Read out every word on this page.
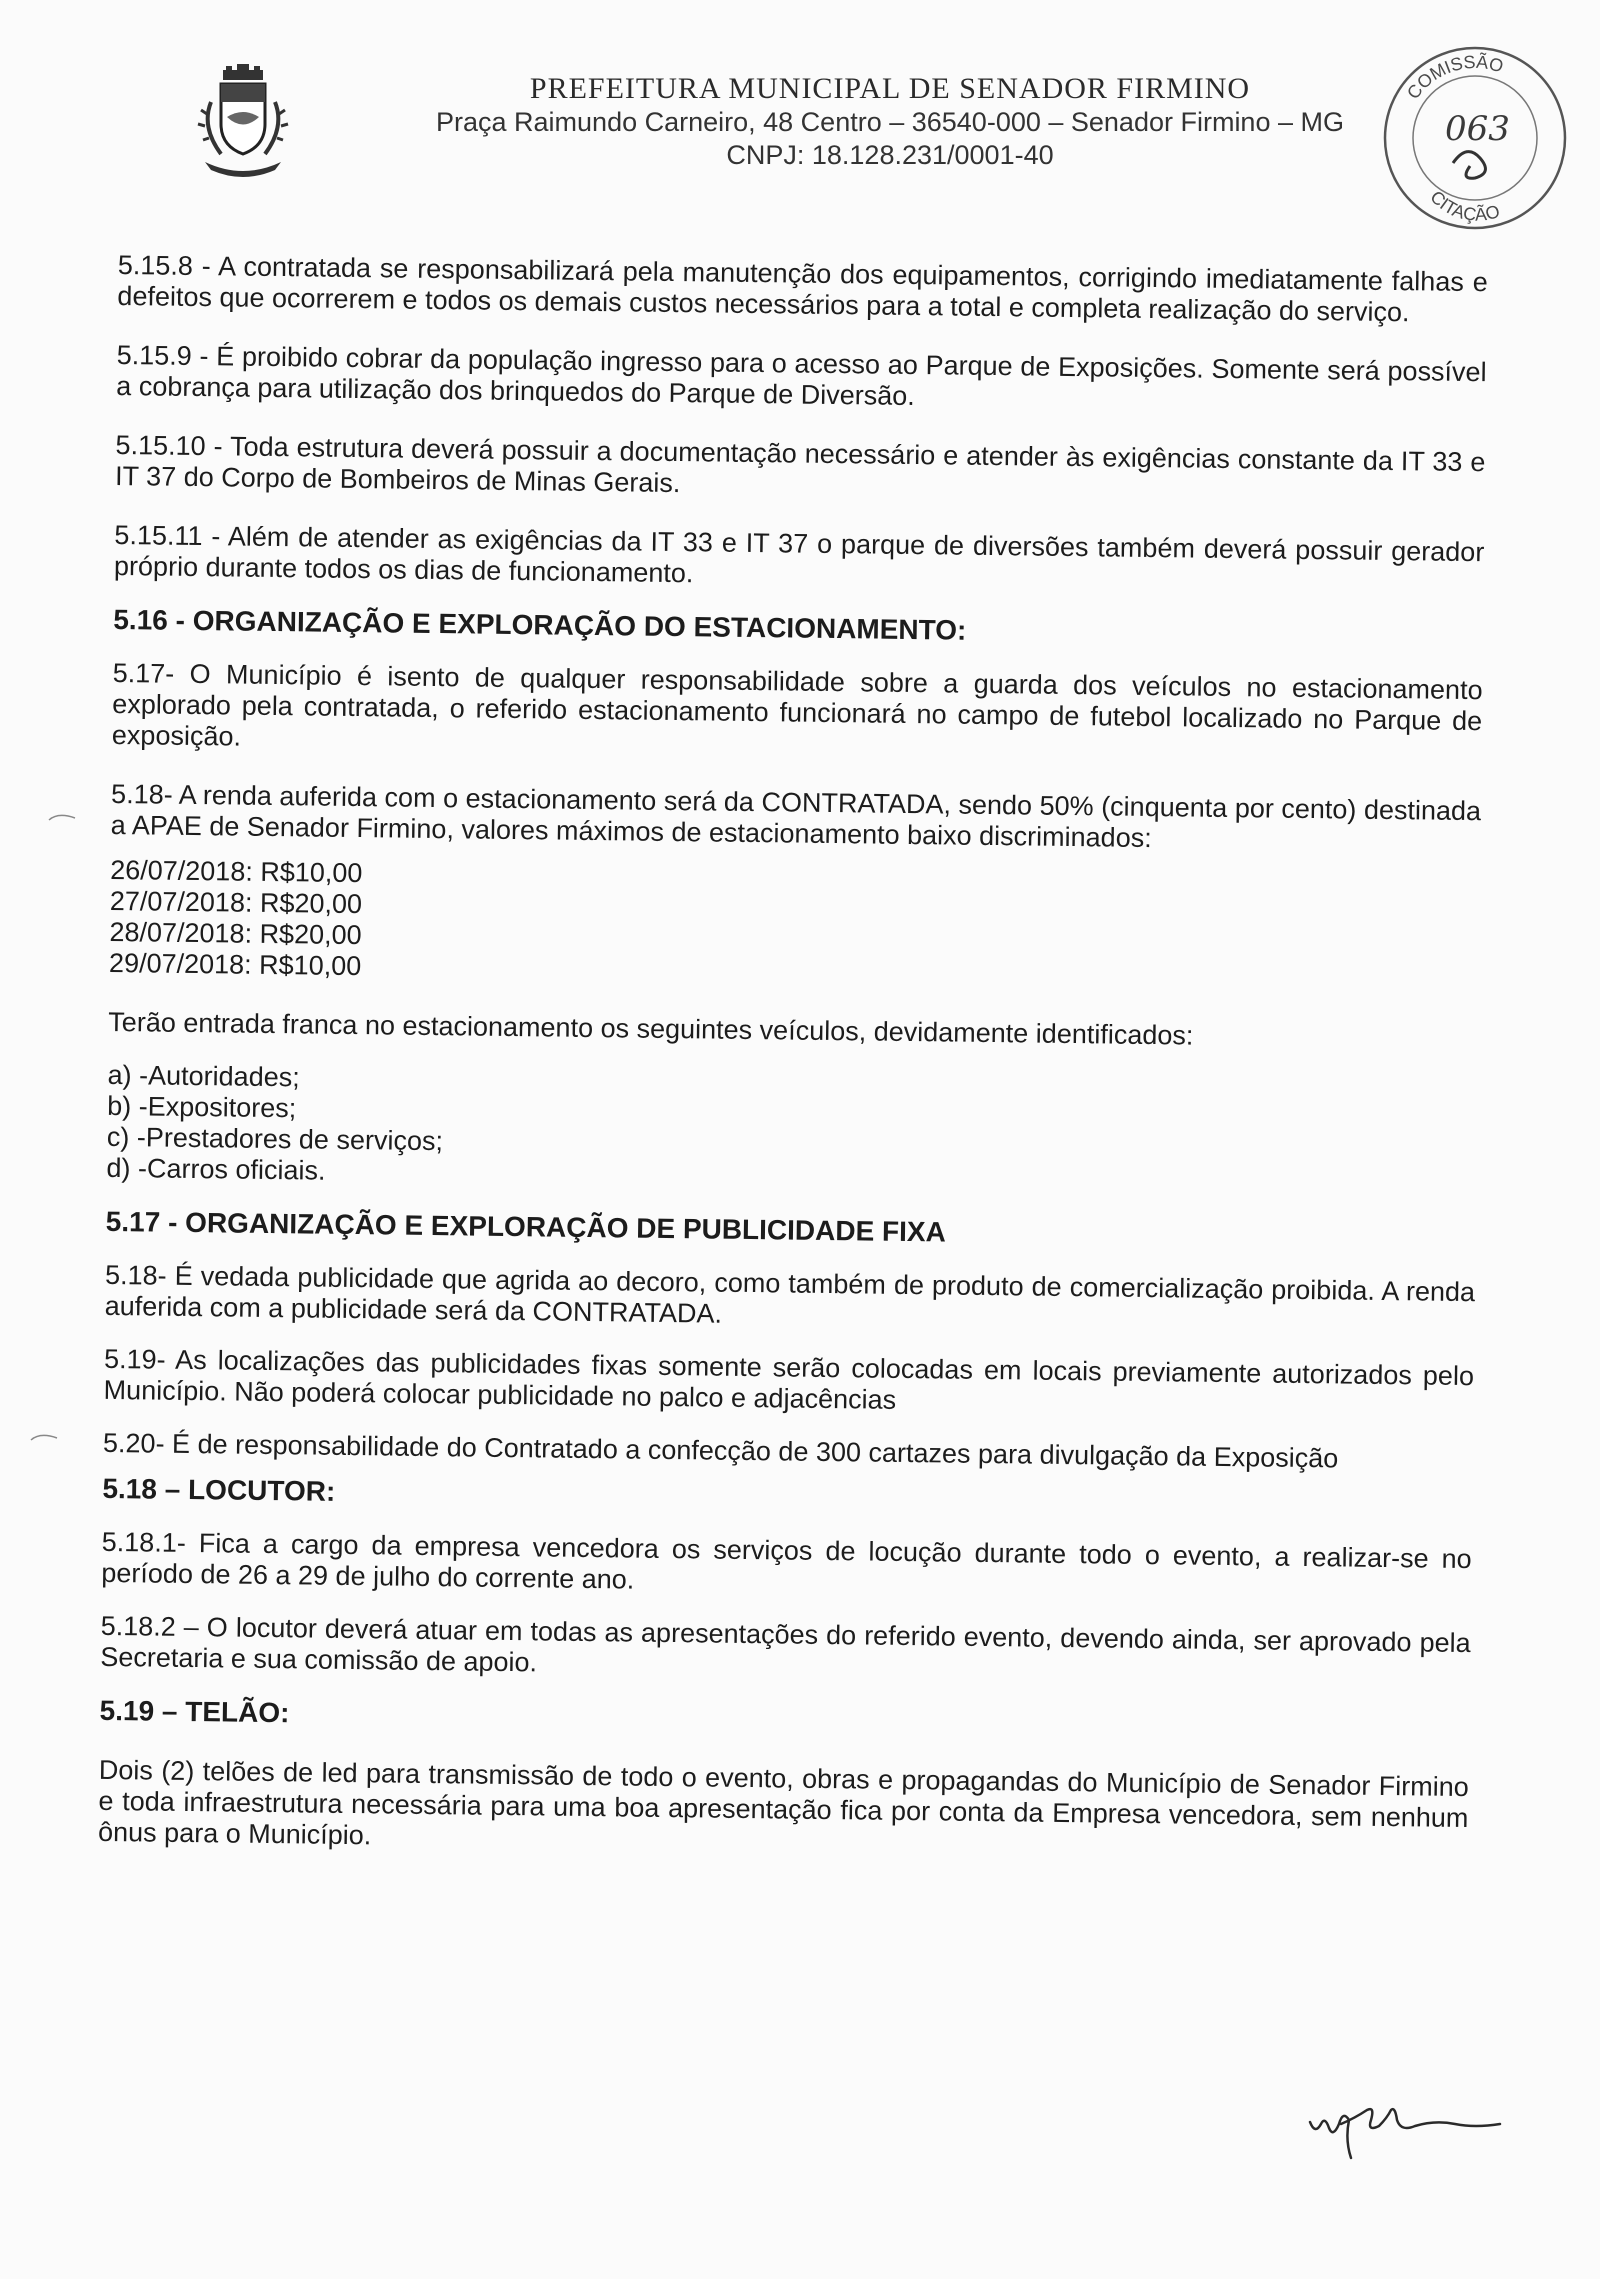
PREFEITURA MUNICIPAL DE SENADOR FIRMINO
Praça Raimundo Carneiro, 48 Centro – 36540-000 – Senador Firmino – MG
CNPJ: 18.128.231/0001-40
COMISSÃO
CITAÇÃO
063

5.15.8 - A contratada se responsabilizará pela manutenção dos equipamentos, corrigindo imediatamente falhas e defeitos que ocorrerem e todos os demais custos necessários para a total e completa realização do serviço.

5.15.9 - É proibido cobrar da população ingresso para o acesso ao Parque de Exposições. Somente será possível a cobrança para utilização dos brinquedos do Parque de Diversão.

5.15.10 - Toda estrutura deverá possuir a documentação necessário e atender às exigências constante da IT 33 e IT 37 do Corpo de Bombeiros de Minas Gerais.

5.15.11 - Além de atender as exigências da IT 33 e IT 37 o parque de diversões também deverá possuir gerador próprio durante todos os dias de funcionamento.

5.16 - ORGANIZAÇÃO E EXPLORAÇÃO DO ESTACIONAMENTO:

5.17- O Município é isento de qualquer responsabilidade sobre a guarda dos veículos no estacionamento explorado pela contratada, o referido estacionamento funcionará no campo de futebol localizado no Parque de exposição.

5.18- A renda auferida com o estacionamento será da CONTRATADA, sendo 50% (cinquenta por cento) destinada a APAE de Senador Firmino, valores máximos de estacionamento baixo discriminados:

26/07/2018: R$10,00
27/07/2018: R$20,00
28/07/2018: R$20,00
29/07/2018: R$10,00

Terão entrada franca no estacionamento os seguintes veículos, devidamente identificados:

a) -Autoridades;
b) -Expositores;
c) -Prestadores de serviços;
d) -Carros oficiais.
5.17 - ORGANIZAÇÃO E EXPLORAÇÃO DE PUBLICIDADE FIXA

5.18- É vedada publicidade que agrida ao decoro, como também de produto de comercialização proibida. A renda auferida com a publicidade será da CONTRATADA.

5.19- As localizações das publicidades fixas somente serão colocadas em locais previamente autorizados pelo Município. Não poderá colocar publicidade no palco e adjacências

5.20- É de responsabilidade do Contratado a confecção de 300 cartazes para divulgação da Exposição

5.18 – LOCUTOR:

5.18.1- Fica a cargo da empresa vencedora os serviços de locução durante todo o evento, a realizar-se no período de 26 a 29 de julho do corrente ano.

5.18.2 – O locutor deverá atuar em todas as apresentações do referido evento, devendo ainda, ser aprovado pela Secretaria e sua comissão de apoio.

5.19 – TELÃO:

Dois (2) telões de led para transmissão de todo o evento, obras e propagandas do Município de Senador Firmino e toda infraestrutura necessária para uma boa apresentação fica por conta da Empresa vencedora, sem nenhum ônus para o Município.
